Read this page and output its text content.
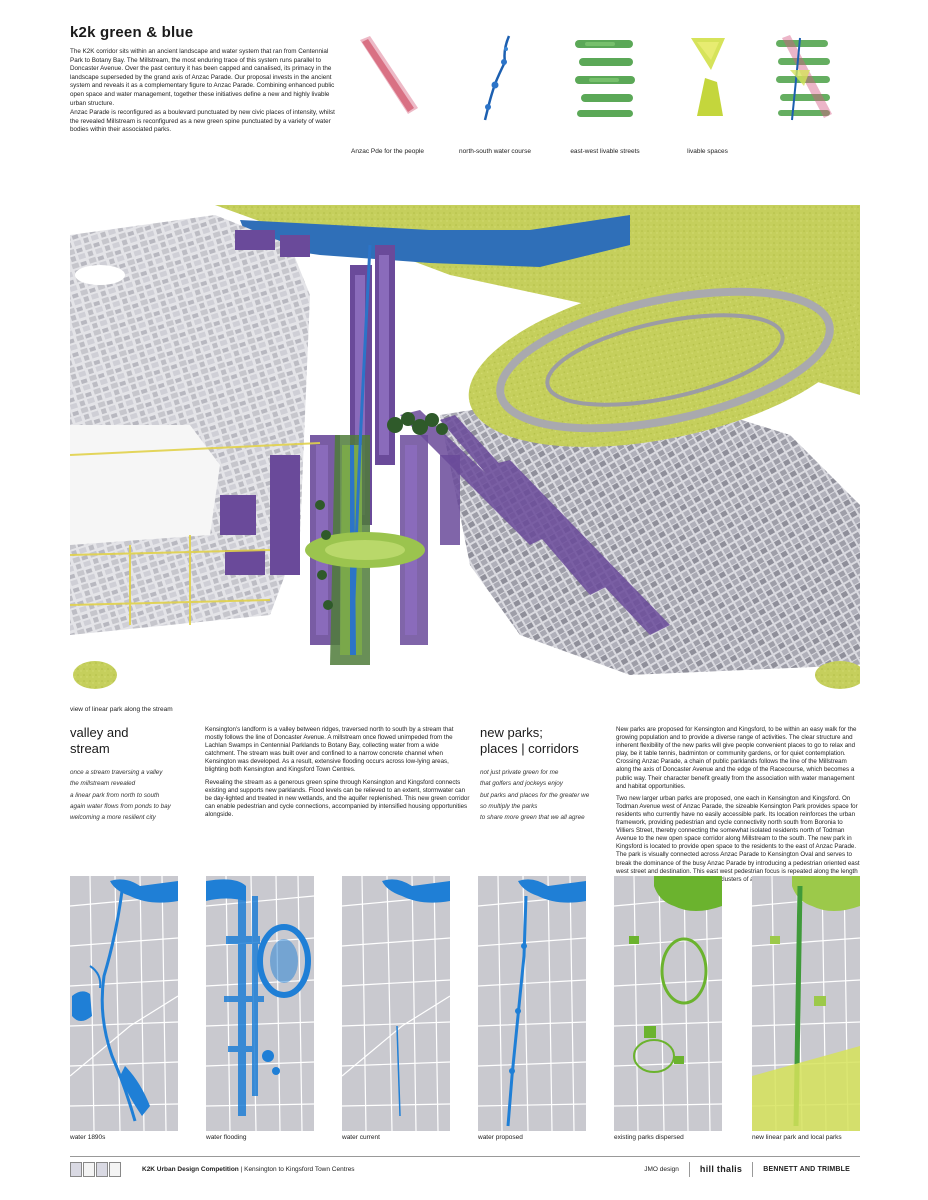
k2k green & blue

The K2K corridor sits within an ancient landscape and water system that ran from Centennial Park to Botany Bay. The Millstream, the most enduring trace of this system runs parallel to Doncaster Avenue. Over the past century it has been capped and canalised, its primacy in the landscape superseded by the grand axis of Anzac Parade. Our proposal invests in the ancient system and reveals it as a complementary figure to Anzac Parade. Combining enhanced public open space and water management, together these initiatives define a new and highly livable urban structure.

Anzac Parade is reconfigured as a boulevard punctuated by new civic places of intensity, whilst the revealed Millstream is reconfigured as a new green spine punctuated by a variety of water bodies within their associated parks.

Anzac Pde for the people	north-south water course	east-west livable streets	livable spaces
view of linear park along the stream
valley and
stream
once a stream traversing a valley
the millstream revealed
a linear park from north to south
again water flows from ponds to bay
welcoming a more resilient city

Kensington's landform is a valley between ridges, traversed north to south by a stream that mostly follows the line of Doncaster Avenue. A millstream once flowed unimpeded from the Lachlan Swamps in Centennial Parklands to Botany Bay, collecting water from a wide catchment. The stream was built over and confined to a narrow concrete channel when Kensington was developed. As a result, extensive flooding occurs across low-lying areas, blighting both Kensington and Kingsford Town Centres.

Revealing the stream as a generous green spine through Kensington and Kingsford connects existing and supports new parklands. Flood levels can be relieved to an extent, stormwater can be day-lighted and treated in new wetlands, and the aquifer replenished. This new green corridor can enable pedestrian and cycle connections, accompanied by intensified housing opportunities alongside.

new parks;
places | corridors
not just private green for me
that golfers and jockeys enjoy
but parks and places for the greater we
so multiply the parks
to share more green that we all agree

New parks are proposed for Kensington and Kingsford, to be within an easy walk for the growing population and to provide a diverse range of activities. The clear structure and inherent flexibility of the new parks will give people convenient places to go to relax and play, be it table tennis, badminton or community gardens, or for quiet contemplation. Crossing Anzac Parade, a chain of public parklands follows the line of the Millstream along the axis of Doncaster Avenue and the edge of the Racecourse, which becomes a public way. Their character benefit greatly from the association with water management and habitat opportunities.

Two new larger urban parks are proposed, one each in Kensington and Kingsford. On Todman Avenue west of Anzac Parade, the sizeable Kensington Park provides space for residents who currently have no easily accessible park. Its location reinforces the urban framework, providing pedestrian and cycle connectivity north south from Boronia to Villiers Street, thereby connecting the somewhat isolated residents north of Todman Avenue to the new open space corridor along Millstream to the south. The new park in Kingsford is located to provide open space to the residents to the east of Anzac Parade. The park is visually connected across Anzac Parade to Kensington Oval and serves to break the dominance of the busy Anzac Parade by introducing a pedestrian oriented east west street and destination. This east west pedestrian focus is repeated along the length clusters of

water 1890s	water flooding	water current	water proposed	existing parks dispersed	new linear park and local parks
K2K Urban Design Competition | Kensington to Kingsford Town Centres	JMO design	hill thalis	BENNETT AND TRIMBLE
